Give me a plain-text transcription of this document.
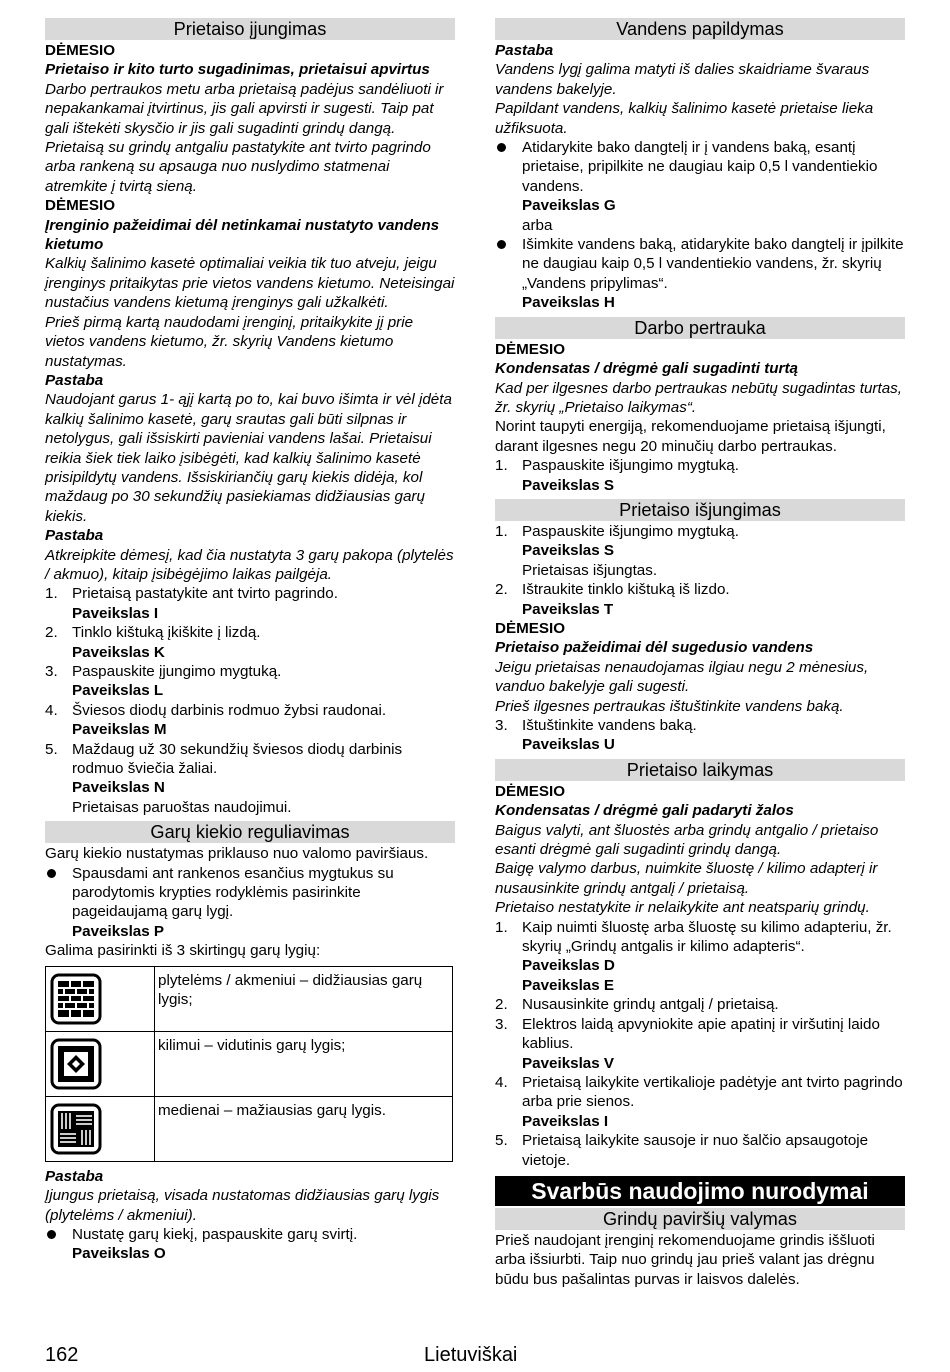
Prietaiso įjungimas

DĖMESIO

Prietaiso ir kito turto sugadinimas, prietaisui apvirtus

Darbo pertraukos metu arba prietaisą padėjus sandėliuoti ir nepakankamai įtvirtinus, jis gali apvirsti ir sugesti. Taip pat gali ištekėti skysčio ir jis gali sugadinti grindų dangą.

Prietaisą su grindų antgaliu pastatykite ant tvirto pagrindo arba rankeną su apsauga nuo nuslydimo statmenai atremkite į tvirtą sieną.

DĖMESIO

Įrenginio pažeidimai dėl netinkamai nustatyto vandens kietumo

Kalkių šalinimo kasetė optimaliai veikia tik tuo atveju, jeigu įrenginys pritaikytas prie vietos vandens kietumo. Neteisingai nustačius vandens kietumą įrenginys gali užkalkėti.

Prieš pirmą kartą naudodami įrenginį, pritaikykite jį prie vietos vandens kietumo, žr. skyrių Vandens kietumo nustatymas.

Pastaba

Naudojant garus 1- ąjį kartą po to, kai buvo išimta ir vėl įdėta kalkių šalinimo kasetė, garų srautas gali būti silpnas ir netolygus, gali išsiskirti pavieniai vandens lašai. Prietaisui reikia šiek tiek laiko įsibėgėti, kad kalkių šalinimo kasetė prisipildytų vandens. Išsiskiriančių garų kiekis didėja, kol maždaug po 30 sekundžių pasiekiamas didžiausias garų kiekis.

Pastaba

Atkreipkite dėmesį, kad čia nustatyta 3 garų pakopa (plytelės / akmuo), kitaip įsibėgėjimo laikas pailgėja.

1. Prietaisą pastatykite ant tvirto pagrindo.

Paveikslas I

2. Tinklo kištuką įkiškite į lizdą.

Paveikslas K

3. Paspauskite įjungimo mygtuką.

Paveikslas L

4. Šviesos diodų darbinis rodmuo žybsi raudonai.

Paveikslas M

5. Maždaug už 30 sekundžių šviesos diodų darbinis rodmuo šviečia žaliai.

Paveikslas N

Prietaisas paruoštas naudojimui.

Garų kiekio reguliavimas

Garų kiekio nustatymas priklauso nuo valomo paviršiaus.

Spausdami ant rankenos esančius mygtukus su parodytomis krypties rodyklėmis pasirinkite pageidaujamą garų lygį.

Paveikslas P

Galima pasirinkti iš 3 skirtingų garų lygių:

	plytelėms / akmeniui – didžiausias garų lygis;

	kilimui – vidutinis garų lygis;

	medienai – mažiausias garų lygis.

Pastaba

Įjungus prietaisą, visada nustatomas didžiausias garų lygis (plytelėms / akmeniui).

Nustatę garų kiekį, paspauskite garų svirtį.

Paveikslas O

Vandens papildymas

Pastaba

Vandens lygį galima matyti iš dalies skaidriame švaraus vandens bakelyje.

Papildant vandens, kalkių šalinimo kasetė prietaise lieka užfiksuota.

Atidarykite bako dangtelį ir į vandens baką, esantį prietaise, pripilkite ne daugiau kaip 0,5 l vandentiekio vandens.

Paveikslas G

arba

Išimkite vandens baką, atidarykite bako dangtelį ir įpilkite ne daugiau kaip 0,5 l vandentiekio vandens, žr. skyrių „Vandens pripylimas“.

Paveikslas H

Darbo pertrauka

DĖMESIO

Kondensatas / drėgmė gali sugadinti turtą

Kad per ilgesnes darbo pertraukas nebūtų sugadintas turtas, žr. skyrių „Prietaiso laikymas“.

Norint taupyti energiją, rekomenduojame prietaisą išjungti, darant ilgesnes negu 20 minučių darbo pertraukas.

1. Paspauskite išjungimo mygtuką.

Paveikslas S

Prietaiso išjungimas
1. Paspauskite išjungimo mygtuką.

Paveikslas S

Prietaisas išjungtas.

2. Ištraukite tinklo kištuką iš lizdo.

Paveikslas T

DĖMESIO

Prietaiso pažeidimai dėl sugedusio vandens

Jeigu prietaisas nenaudojamas ilgiau negu 2 mėnesius, vanduo bakelyje gali sugesti.

Prieš ilgesnes pertraukas ištuštinkite vandens baką.

3. Ištuštinkite vandens baką.

Paveikslas U

Prietaiso laikymas

DĖMESIO

Kondensatas / drėgmė gali padaryti žalos

Baigus valyti, ant šluostės arba grindų antgalio / prietaiso esanti drėgmė gali sugadinti grindų dangą.

Baigę valymo darbus, nuimkite šluostę / kilimo adapterį ir nusausinkite grindų antgalį / prietaisą.

Prietaiso nestatykite ir nelaikykite ant neatsparių grindų.

1. Kaip nuimti šluostę arba šluostę su kilimo adapteriu, žr. skyrių „Grindų antgalis ir kilimo adapteris“.

Paveikslas D

Paveikslas E

2. Nusausinkite grindų antgalį / prietaisą.
3. Elektros laidą apvyniokite apie apatinį ir viršutinį laido kablius.

Paveikslas V

4. Prietaisą laikykite vertikalioje padėtyje ant tvirto pagrindo arba prie sienos.

Paveikslas I

5. Prietaisą laikykite sausoje ir nuo šalčio apsaugotoje vietoje.
Svarbūs naudojimo nurodymai
Grindų paviršių valymas

Prieš naudojant įrenginį rekomenduojame grindis iššluoti arba išsiurbti. Taip nuo grindų jau prieš valant jas drėgnu būdu bus pašalintas purvas ir laisvos dalelės.

162	Lietuviškai
